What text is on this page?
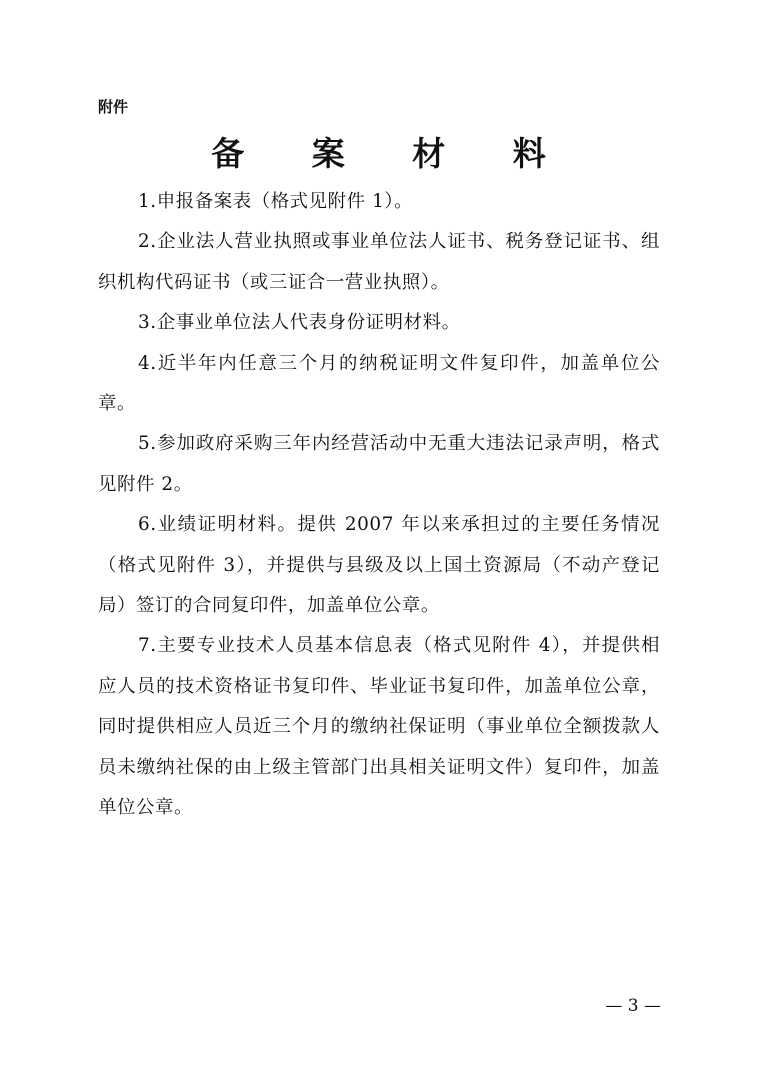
附件
备 案 材 料

1.申报备案表（格式见附件 1）。

2.企业法人营业执照或事业单位法人证书、税务登记证书、组织机构代码证书（或三证合一营业执照）。

3.企事业单位法人代表身份证明材料。

4.近半年内任意三个月的纳税证明文件复印件，加盖单位公章。

5.参加政府采购三年内经营活动中无重大违法记录声明，格式见附件 2。

6.业绩证明材料。提供 2007 年以来承担过的主要任务情况（格式见附件 3），并提供与县级及以上国土资源局（不动产登记局）签订的合同复印件，加盖单位公章。

7.主要专业技术人员基本信息表（格式见附件 4），并提供相应人员的技术资格证书复印件、毕业证书复印件，加盖单位公章，同时提供相应人员近三个月的缴纳社保证明（事业单位全额拨款人员未缴纳社保的由上级主管部门出具相关证明文件）复印件，加盖单位公章。

— 3 —
